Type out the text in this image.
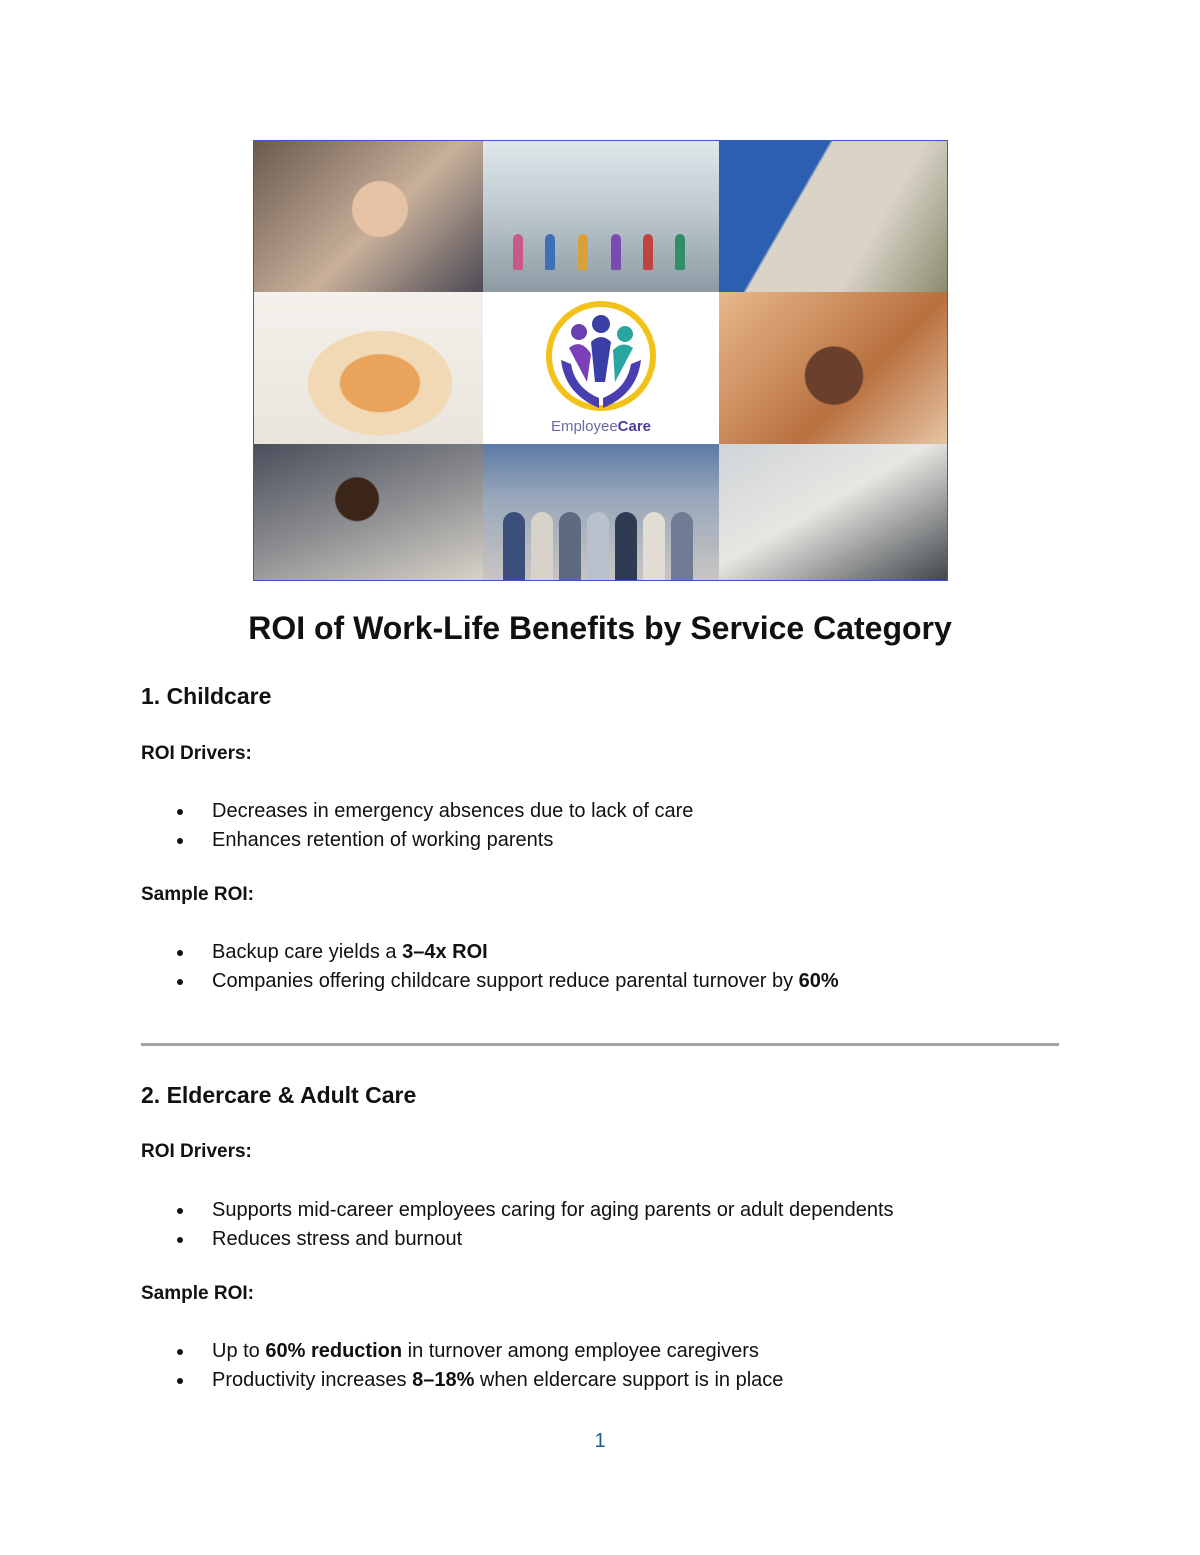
EmployeeCare
ROI of Work-Life Benefits by Service Category
1. Childcare

ROI Drivers:

Decreases in emergency absences due to lack of care
Enhances retention of working parents

Sample ROI:

Backup care yields a 3–4x ROI
Companies offering childcare support reduce parental turnover by 60%
2. Eldercare & Adult Care

ROI Drivers:

Supports mid-career employees caring for aging parents or adult dependents
Reduces stress and burnout

Sample ROI:

Up to 60% reduction in turnover among employee caregivers
Productivity increases 8–18% when eldercare support is in place
1
